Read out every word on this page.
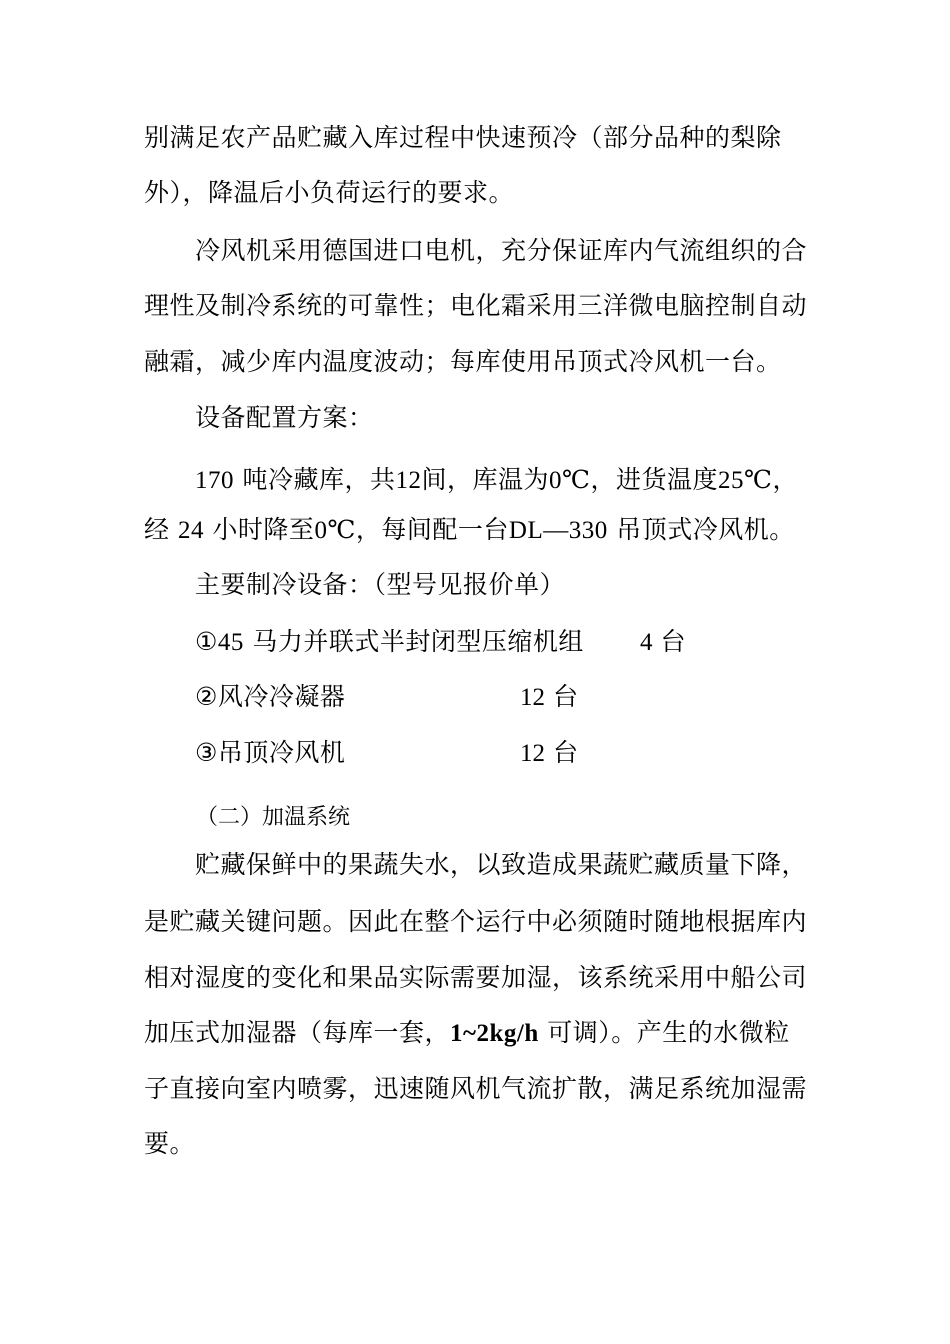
别满足农产品贮藏入库过程中快速预冷（部分品种的梨除
外），降温后小负荷运行的要求。
冷风机采用德国进口电机，充分保证库内气流组织的合
理性及制冷系统的可靠性；电化霜采用三洋微电脑控制自动
融霜，减少库内温度波动；每库使用吊顶式冷风机一台。
设备配置方案：
170 吨冷藏库，共12间，库温为0℃，进货温度25℃，
经 24 小时降至0℃，每间配一台DL—330 吊顶式冷风机。
主要制冷设备：（型号见报价单）
①45 马力并联式半封闭型压缩机组 4 台
②风冷冷凝器	12 台
③吊顶冷风机	12 台
（二）加温系统
贮藏保鲜中的果蔬失水，以致造成果蔬贮藏质量下降，
是贮藏关键问题。因此在整个运行中必须随时随地根据库内
相对湿度的变化和果品实际需要加湿，该系统采用中船公司
加压式加湿器（每库一套，1~2kg/h 可调）。产生的水微粒
子直接向室内喷雾，迅速随风机气流扩散，满足系统加湿需
要。
